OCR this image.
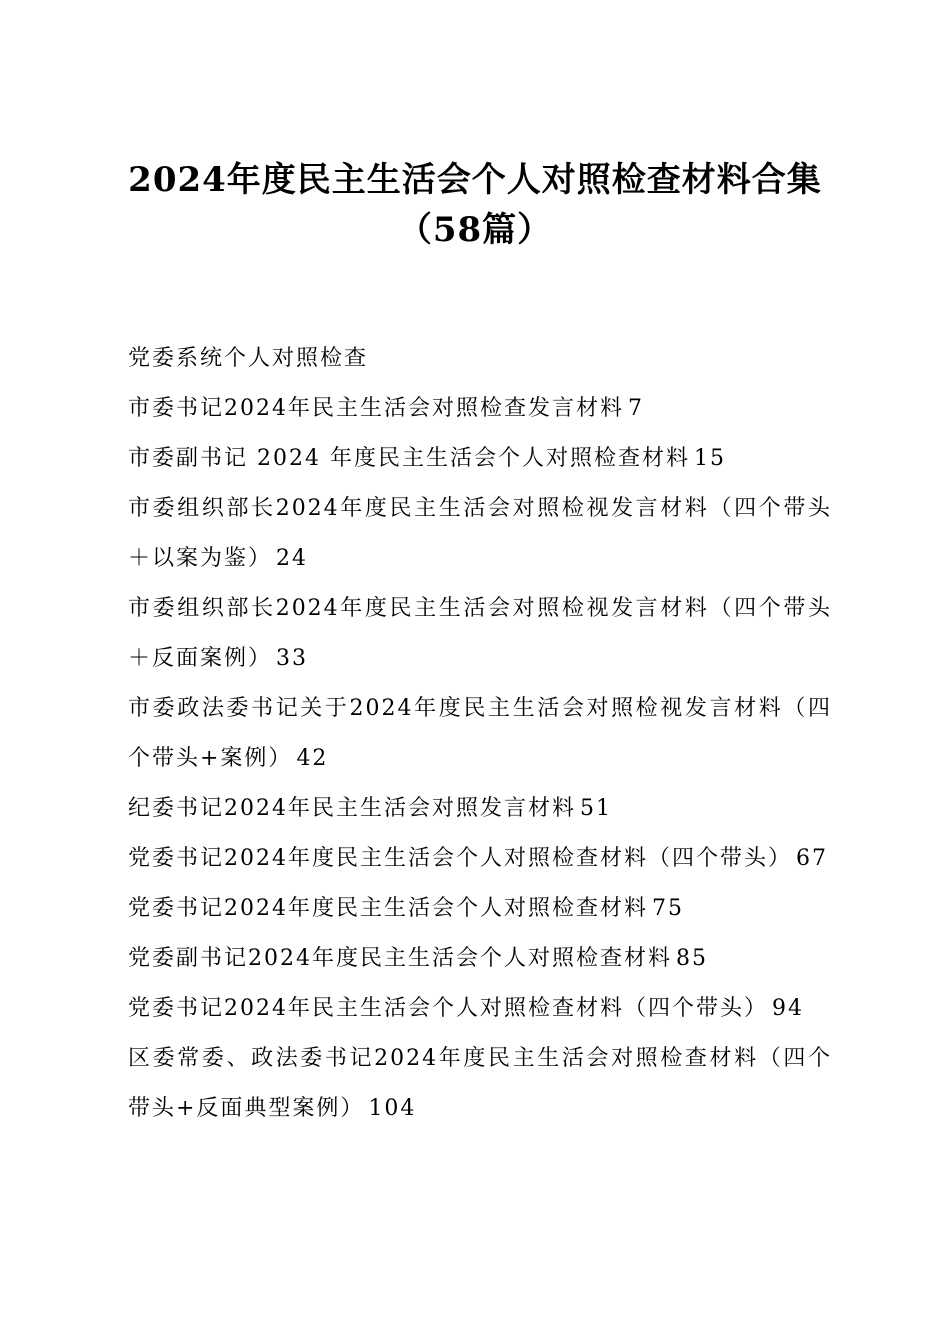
2024年度民主生活会个人对照检查材料合集
（58篇）
党委系统个人对照检查
市委书记2024年民主生活会对照检查发言材料 7
市委副书记 2024 年度民主生活会个人对照检查材料 15
市委组织部长2024年度民主生活会对照检视发言材料（四个带头＋以案为鉴） 24
市委组织部长2024年度民主生活会对照检视发言材料（四个带头＋反面案例） 33
市委政法委书记关于2024年度民主生活会对照检视发言材料（四个带头+案例） 42
纪委书记2024年民主生活会对照发言材料 51
党委书记2024年度民主生活会个人对照检查材料（四个带头） 67
党委书记2024年度民主生活会个人对照检查材料 75
党委副书记2024年度民主生活会个人对照检查材料 85
党委书记2024年民主生活会个人对照检查材料（四个带头） 94
区委常委、政法委书记2024年度民主生活会对照检查材料（四个带头+反面典型案例） 104
